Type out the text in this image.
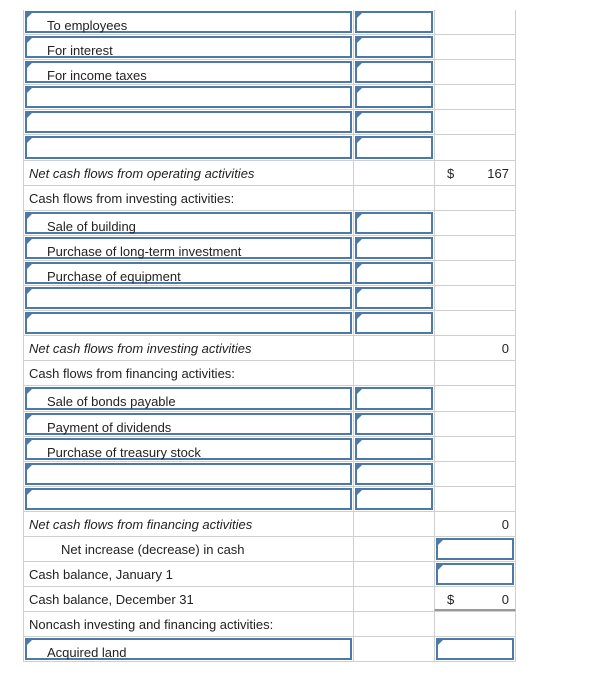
To employees
For interest
For income taxes
Net cash flows from operating activities	$	167
Cash flows from investing activities:
Sale of building
Purchase of long-term investment
Purchase of equipment
Net cash flows from investing activities	0
Cash flows from financing activities:
Sale of bonds payable
Payment of dividends
Purchase of treasury stock
Net cash flows from financing activities	0
Net increase (decrease) in cash
Cash balance, January 1
Cash balance, December 31	$	0
Noncash investing and financing activities:
Acquired land
